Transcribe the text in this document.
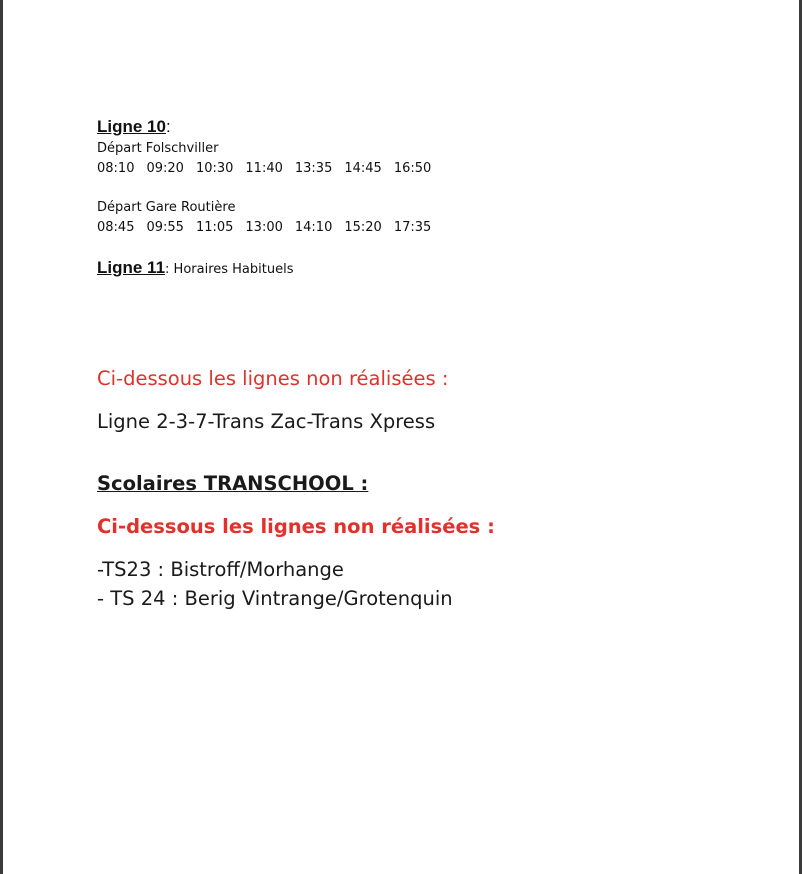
Ligne 10:
Départ Folschviller
08:10 09:20 10:30 11:40 13:35 14:45 16:50
Départ Gare Routière
08:45 09:55 11:05 13:00 14:10 15:20 17:35
Ligne 11: Horaires Habituels
Ci-dessous les lignes non réalisées :
Ligne 2-3-7-Trans Zac-Trans Xpress
Scolaires TRANSCHOOL :
Ci-dessous les lignes non réalisées :
-TS23 : Bistroff/Morhange
- TS 24 : Berig Vintrange/Grotenquin
